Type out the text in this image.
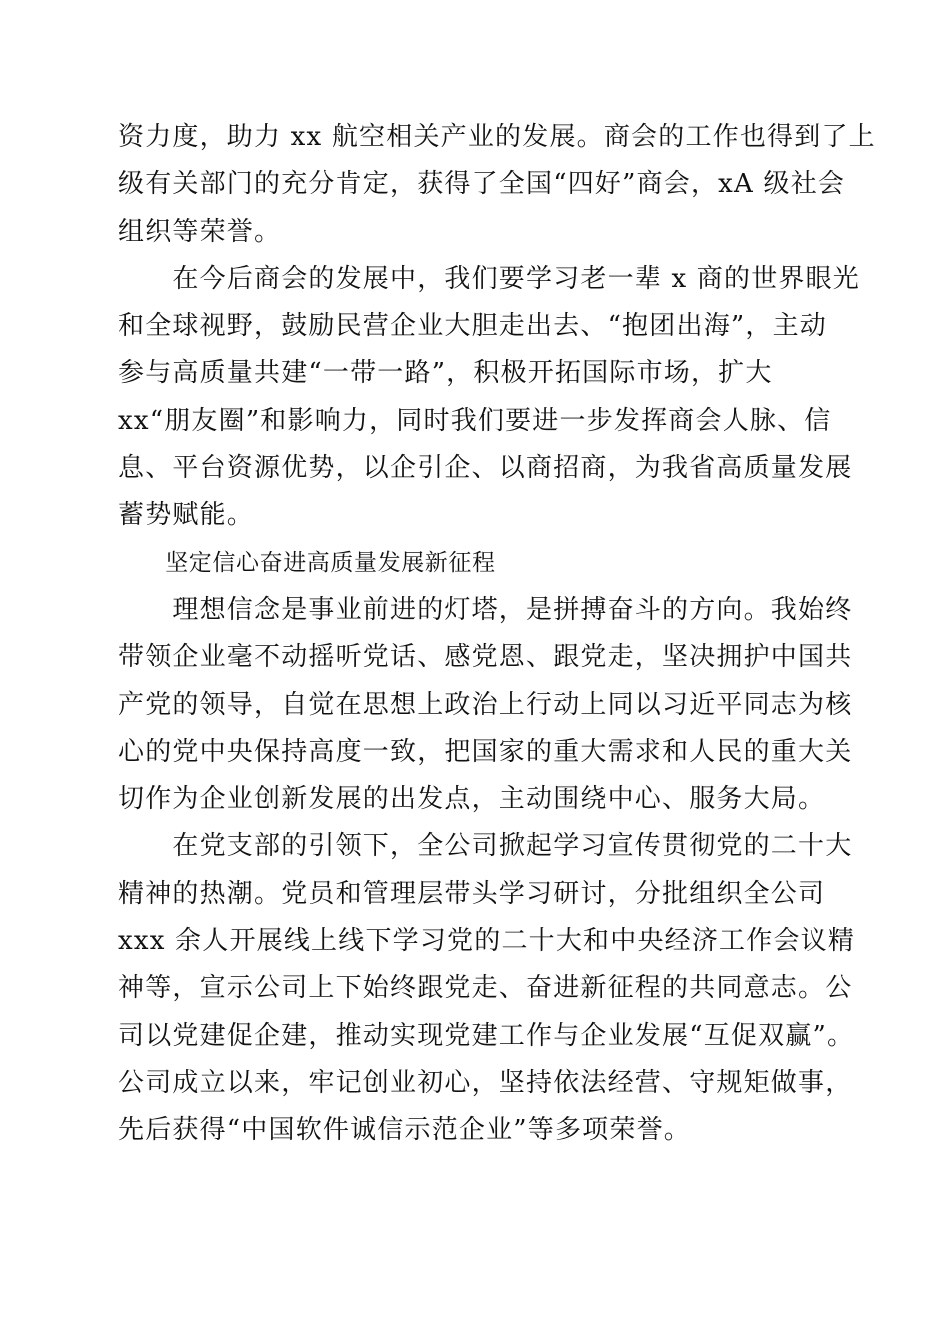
资力度，助力 xx 航空相关产业的发展。商会的工作也得到了上
级有关部门的充分肯定，获得了全国“四好”商会，xA 级社会
组织等荣誉。
　　在今后商会的发展中，我们要学习老一辈 x 商的世界眼光
和全球视野，鼓励民营企业大胆走出去、“抱团出海”，主动
参与高质量共建“一带一路”，积极开拓国际市场，扩大
xx“朋友圈”和影响力，同时我们要进一步发挥商会人脉、信
息、平台资源优势，以企引企、以商招商，为我省高质量发展
蓄势赋能。
　　坚定信心奋进高质量发展新征程
　　理想信念是事业前进的灯塔，是拼搏奋斗的方向。我始终
带领企业毫不动摇听党话、感党恩、跟党走，坚决拥护中国共
产党的领导，自觉在思想上政治上行动上同以习近平同志为核
心的党中央保持高度一致，把国家的重大需求和人民的重大关
切作为企业创新发展的出发点，主动围绕中心、服务大局。
　　在党支部的引领下，全公司掀起学习宣传贯彻党的二十大
精神的热潮。党员和管理层带头学习研讨，分批组织全公司
xxx 余人开展线上线下学习党的二十大和中央经济工作会议精
神等，宣示公司上下始终跟党走、奋进新征程的共同意志。公
司以党建促企建，推动实现党建工作与企业发展“互促双赢”。
公司成立以来，牢记创业初心，坚持依法经营、守规矩做事，
先后获得“中国软件诚信示范企业”等多项荣誉。
